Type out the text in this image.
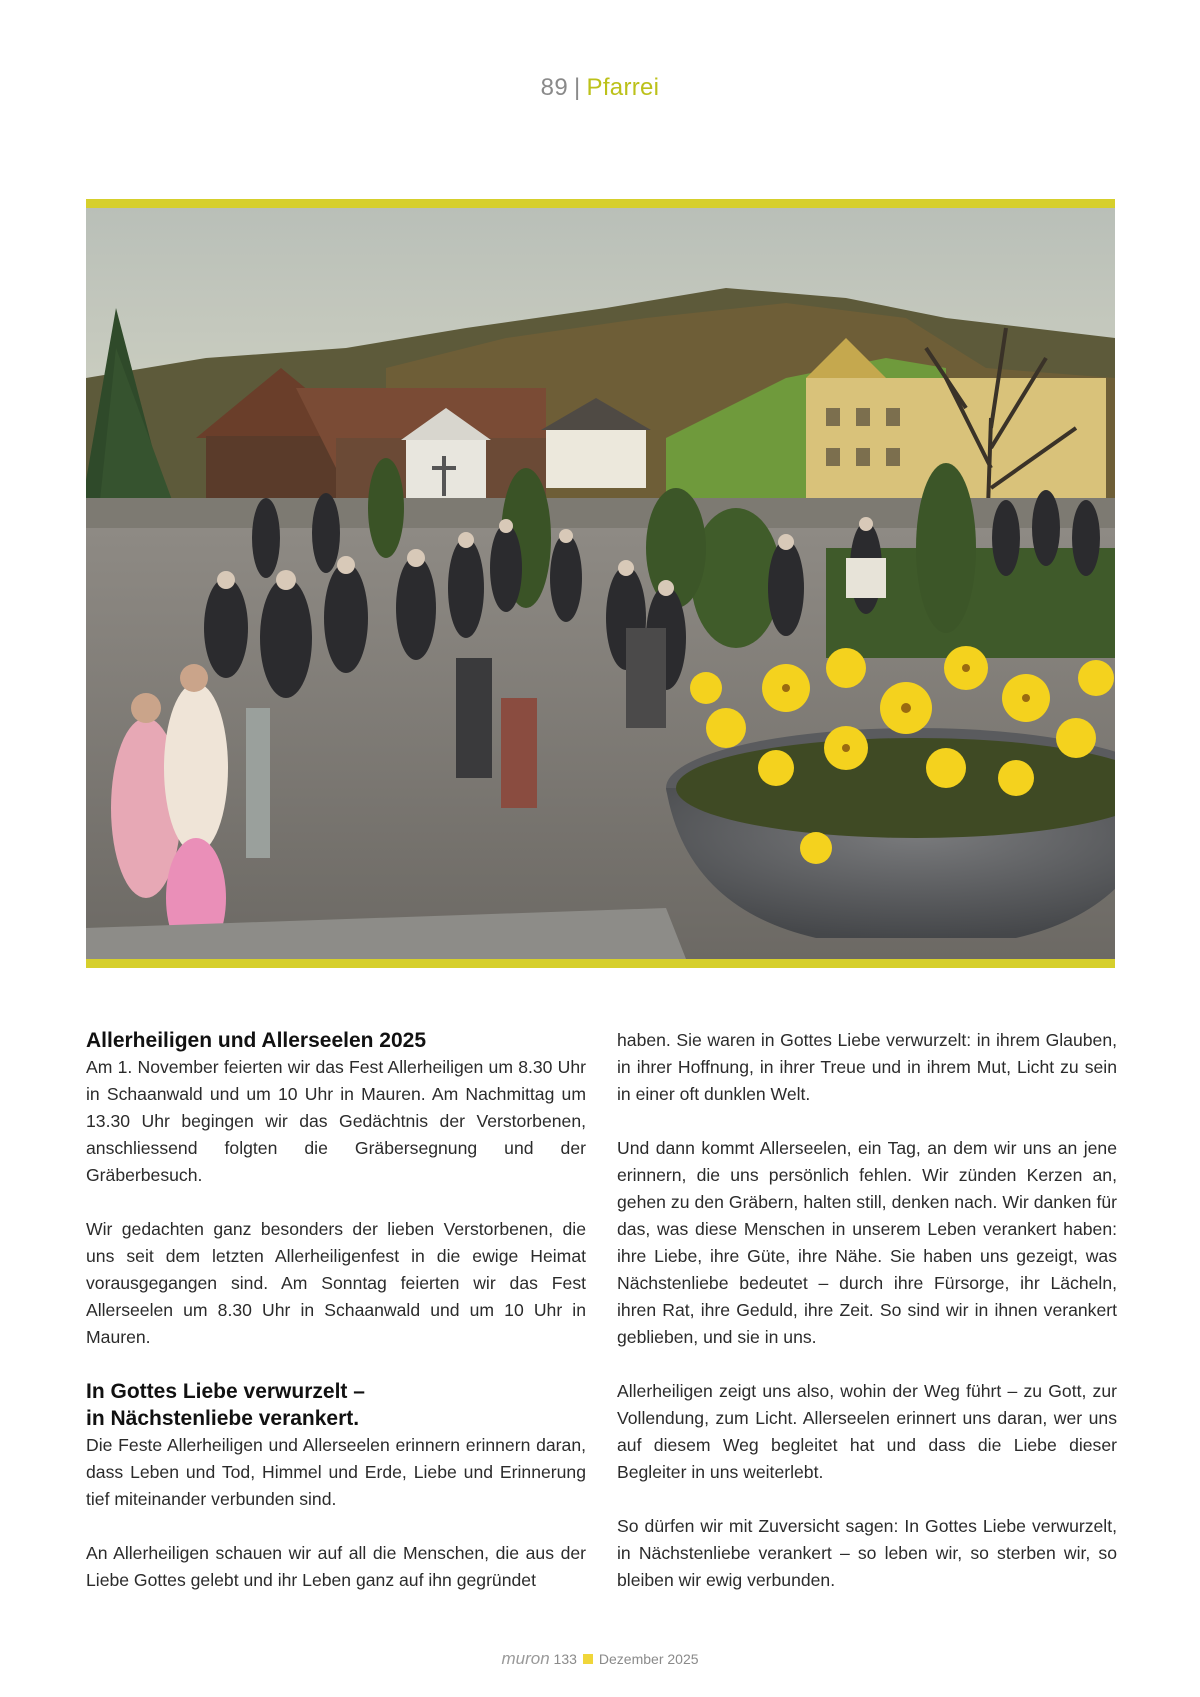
89 | Pfarrei
Allerheiligen und Allerseelen 2025

Am 1. November feierten wir das Fest Allerheiligen um 8.30 Uhr in Schaanwald und um 10 Uhr in Mauren. Am Nachmittag um 13.30 Uhr begingen wir das Gedächtnis der Verstorbenen, anschliessend folgten die Gräbersegnung und der Gräberbesuch.

Wir gedachten ganz besonders der lieben Verstorbenen, die uns seit dem letzten Allerheiligenfest in die ewige Heimat vorausgegangen sind. Am Sonntag feierten wir das Fest Allerseelen um 8.30 Uhr in Schaanwald und um 10 Uhr in Mauren.

In Gottes Liebe verwurzelt –
in Nächstenliebe verankert.

Die Feste Allerheiligen und Allerseelen erinnern erinnern daran, dass Leben und Tod, Himmel und Erde, Liebe und Erinnerung tief miteinander verbunden sind.

An Allerheiligen schauen wir auf all die Menschen, die aus der Liebe Gottes gelebt und ihr Leben ganz auf ihn gegründet

haben. Sie waren in Gottes Liebe verwurzelt: in ihrem Glauben, in ihrer Hoffnung, in ihrer Treue und in ihrem Mut, Licht zu sein in einer oft dunklen Welt.

Und dann kommt Allerseelen, ein Tag, an dem wir uns an jene erinnern, die uns persönlich fehlen. Wir zünden Kerzen an, gehen zu den Gräbern, halten still, denken nach. Wir danken für das, was diese Menschen in unserem Leben verankert haben: ihre Liebe, ihre Güte, ihre Nähe. Sie haben uns gezeigt, was Nächstenliebe bedeutet – durch ihre Fürsorge, ihr Lächeln, ihren Rat, ihre Geduld, ihre Zeit. So sind wir in ihnen verankert geblieben, und sie in uns.

Allerheiligen zeigt uns also, wohin der Weg führt – zu Gott, zur Vollendung, zum Licht. Allerseelen erinnert uns daran, wer uns auf diesem Weg begleitet hat und dass die Liebe dieser Begleiter in uns weiterlebt.

So dürfen wir mit Zuversicht sagen: In Gottes Liebe verwurzelt, in Nächstenliebe verankert – so leben wir, so sterben wir, so bleiben wir ewig verbunden.

muron 133 Dezember 2025
